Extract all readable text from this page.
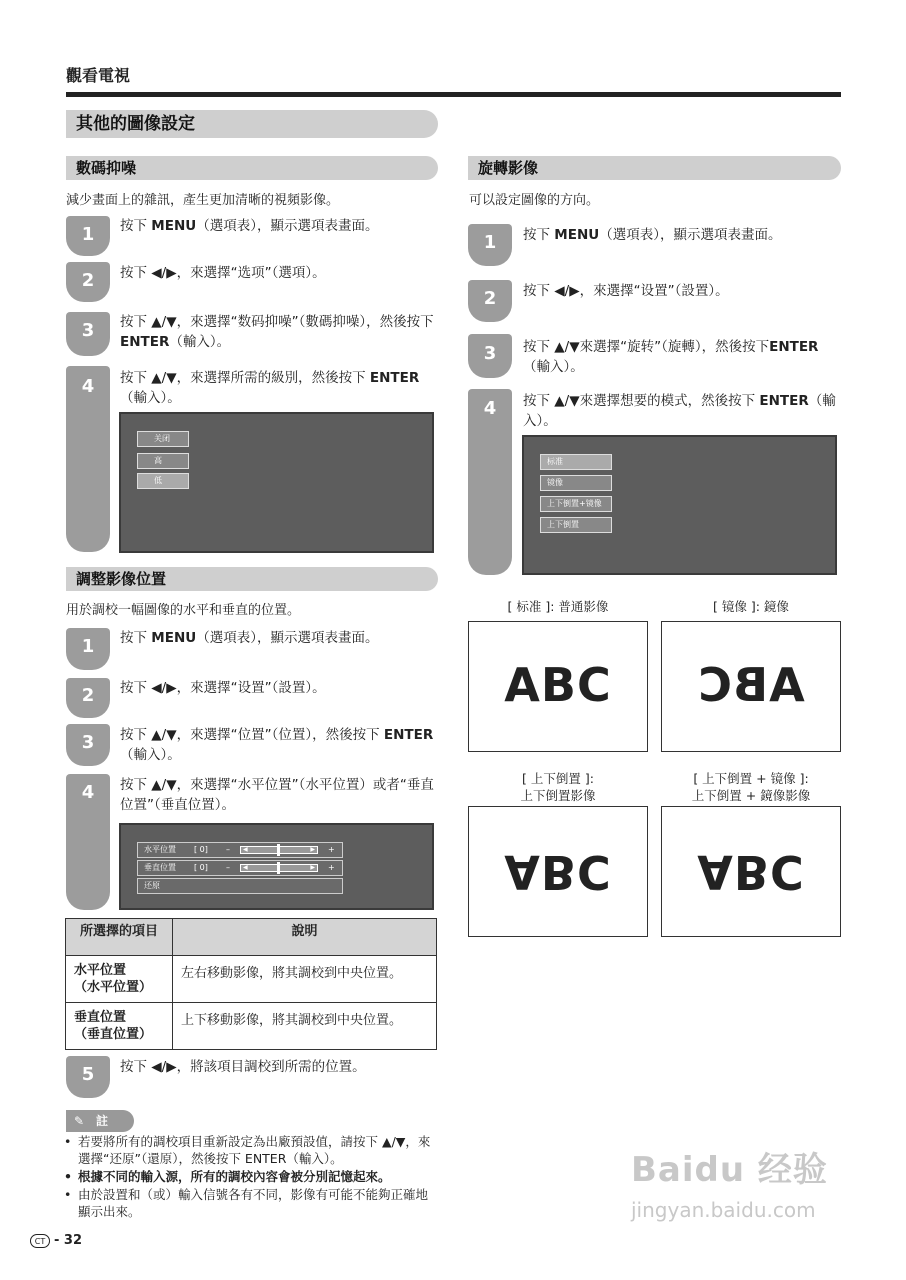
觀看電視
其他的圖像設定
數碼抑噪
減少畫面上的雜訊，產生更加清晰的視頻影像。
1	按下 MENU（選項表），顯示選項表畫面。
2	按下 ◀/▶，來選擇“选项”（選項）。
3	按下 ▲/▼，來選擇“数码抑噪”（數碼抑噪），然後按下 ENTER（輸入）。
4	按下 ▲/▼，來選擇所需的級別，然後按下 ENTER（輸入）。
关闭
高
低
調整影像位置
用於調校一幅圖像的水平和垂直的位置。
1	按下 MENU（選項表），顯示選項表畫面。
2	按下 ◀/▶，來選擇“设置”（設置）。
3	按下 ▲/▼，來選擇“位置”（位置），然後按下 ENTER（輸入）。
4	按下 ▲/▼，來選擇“水平位置”（水平位置）或者“垂直位置”（垂直位置）。
水平位置 [ 0] – ◀	▶ +
垂直位置 [ 0] – ◀	▶ +
还原
所選擇的項目	說明

水平位置
（水平位置）	左右移動影像，將其調校到中央位置。

垂直位置
（垂直位置）	上下移動影像，將其調校到中央位置。
5	按下 ◀/▶，將該項目調校到所需的位置。
✎ 註

• 若要將所有的調校項目重新設定為出廠預設值，請按下 ▲/▼，來選擇“还原”（還原），然後按下 ENTER（輸入）。

• 根據不同的輸入源，所有的調校內容會被分別記憶起來。

• 由於設置和（或）輸入信號各有不同，影像有可能不能夠正確地顯示出來。

CT - 32
旋轉影像
可以設定圖像的方向。
1	按下 MENU（選項表），顯示選項表畫面。
2	按下 ◀/▶，來選擇“设置”（設置）。
3	按下 ▲/▼來選擇“旋转”（旋轉），然後按下ENTER（輸入）。
4	按下 ▲/▼來選擇想要的模式，然後按下 ENTER（輸入）。
标准
镜像
上下倒置+镜像
上下倒置
[ 标准 ]: 普通影像	[ 镜像 ]: 鏡像
ABC	ABC
[ 上下倒置 ]:
上下倒置影像
[ 上下倒置 + 镜像 ]:
上下倒置 + 鏡像影像
ABC	ABC
Baidu 经验
jingyan.baidu.com
